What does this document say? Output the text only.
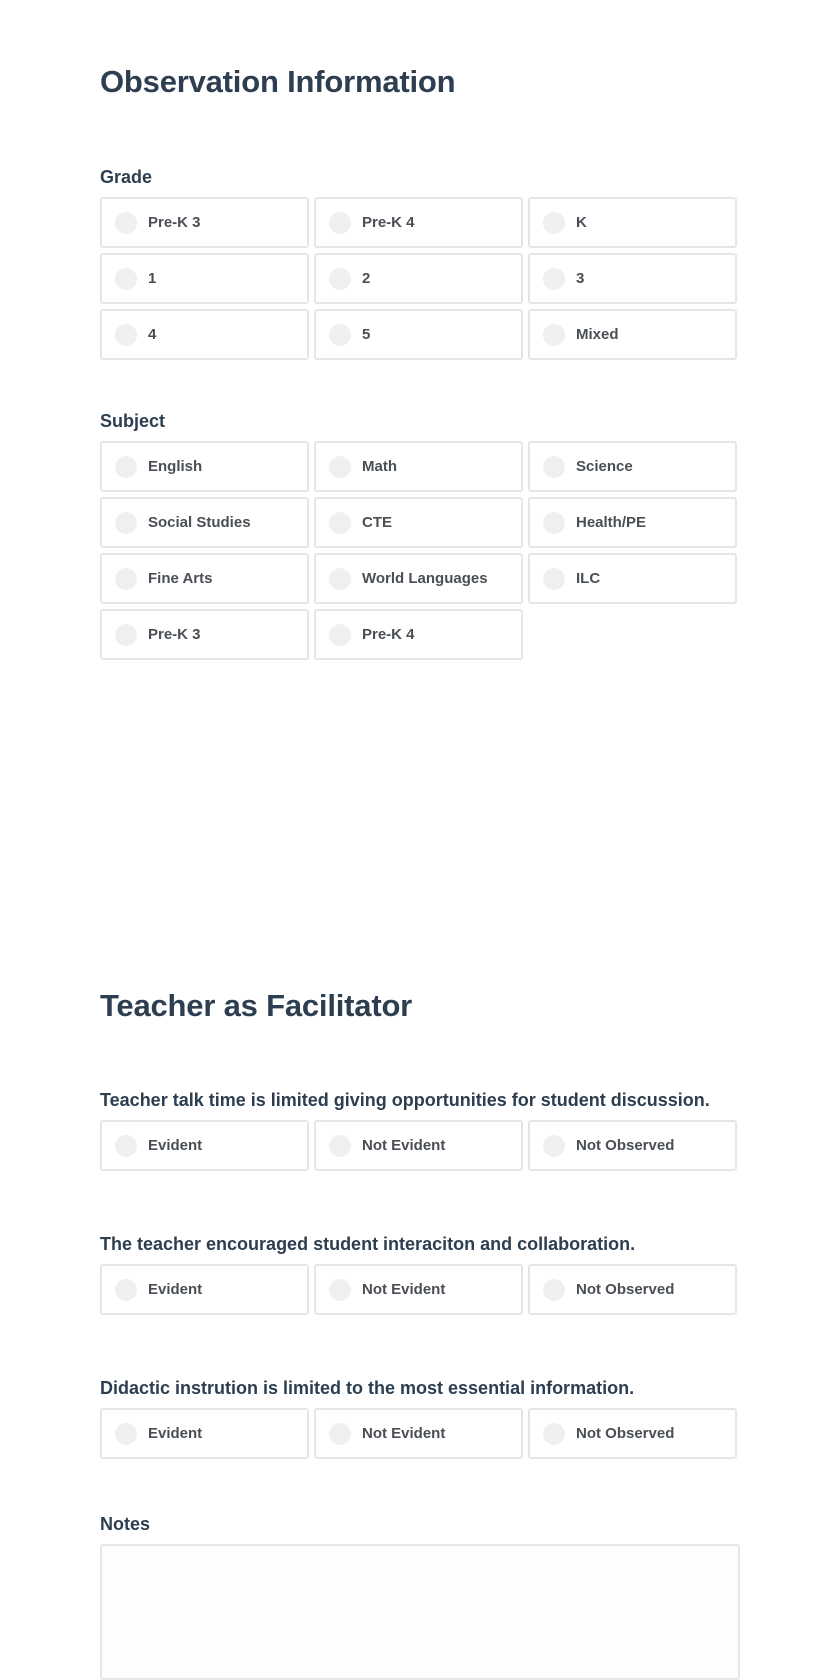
Observation Information
Grade
Pre-K 3	Pre-K 4	K
1	2	3
4	5	Mixed
Subject
English	Math	Science
Social Studies	CTE	Health/PE
Fine Arts	World Languages	ILC
Pre-K 3	Pre-K 4
Teacher as Facilitator
Teacher talk time is limited giving opportunities for student discussion.
Evident	Not Evident	Not Observed
The teacher encouraged student interaciton and collaboration.
Evident	Not Evident	Not Observed
Didactic instrution is limited to the most essential information.
Evident	Not Evident	Not Observed
Notes
